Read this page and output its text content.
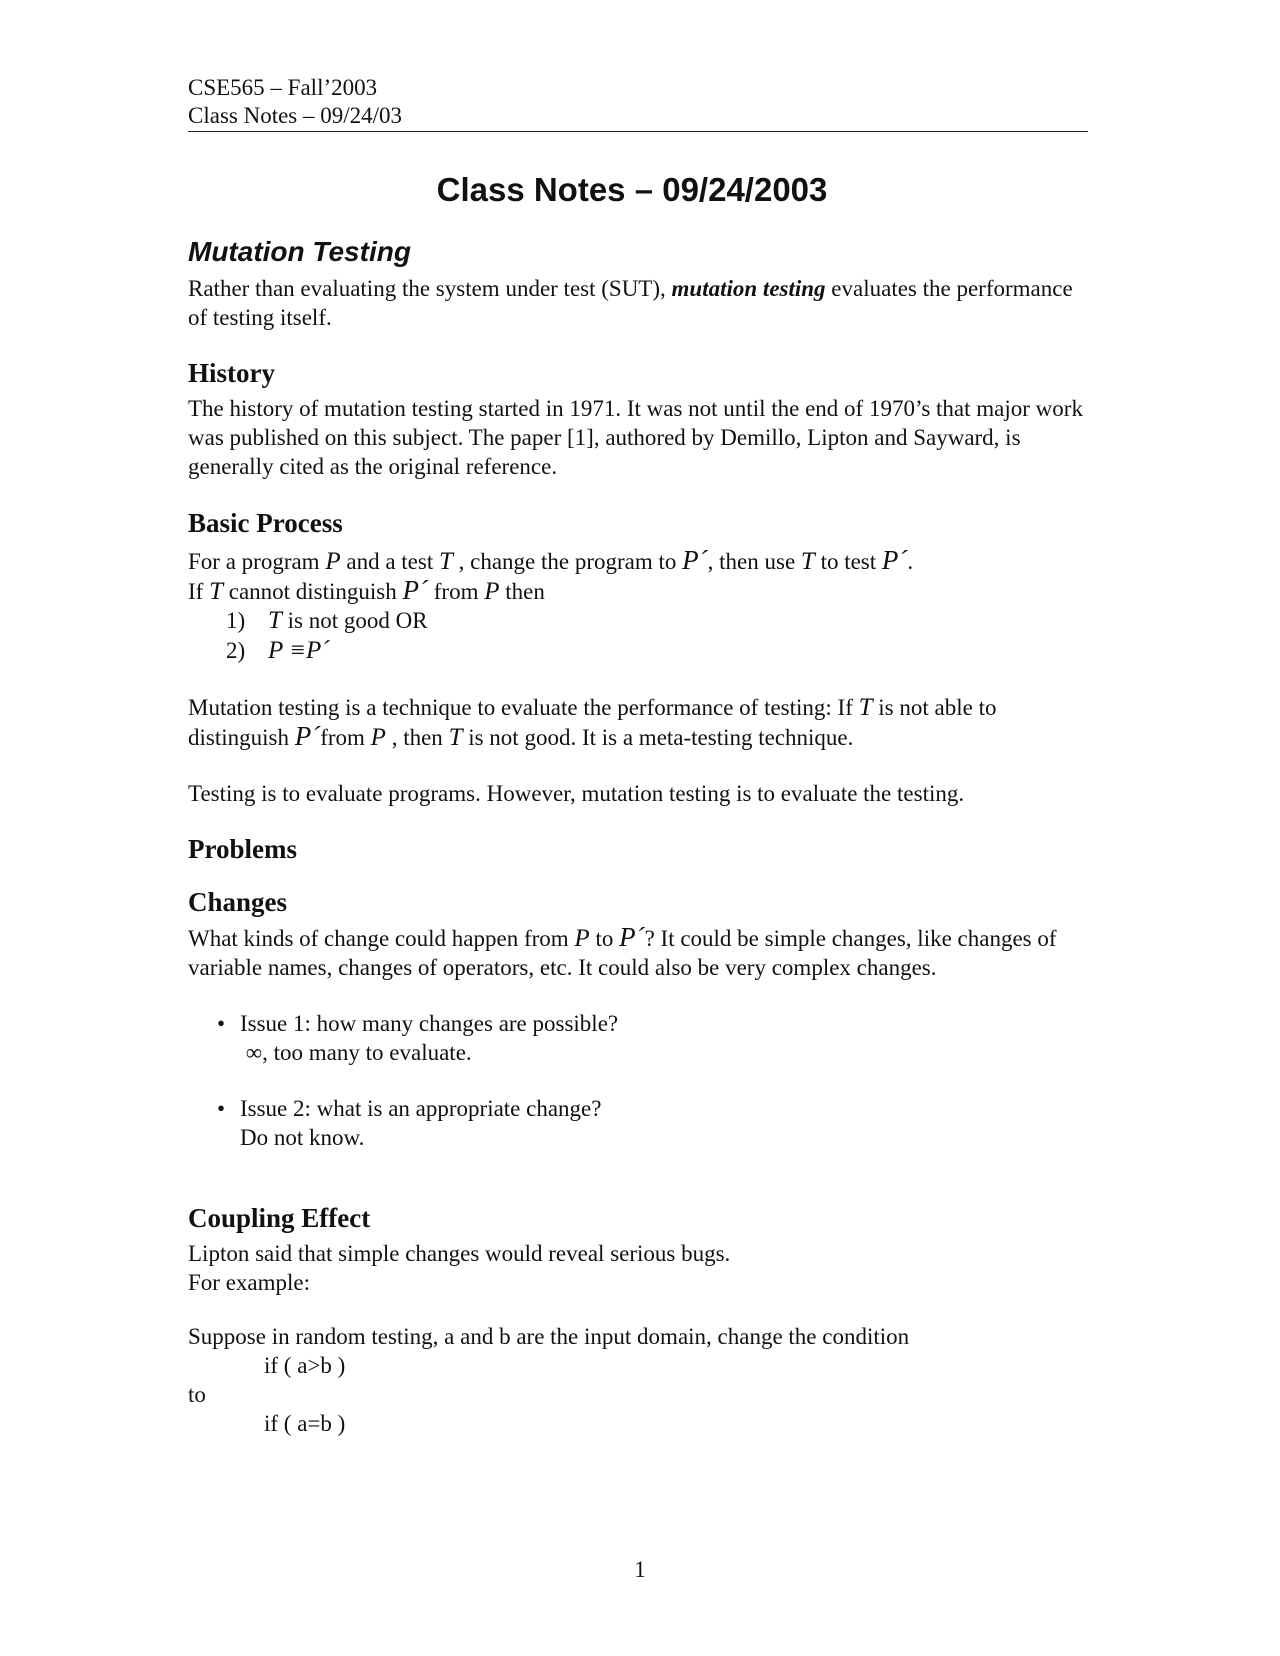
CSE565 – Fall’2003
Class Notes – 09/24/03
Class Notes – 09/24/2003
Mutation Testing

Rather than evaluating the system under test (SUT), mutation testing evaluates the performance of testing itself.

History

The history of mutation testing started in 1971. It was not until the end of 1970’s that major work was published on this subject. The paper [1], authored by Demillo, Lipton and Sayward, is generally cited as the original reference.

Basic Process

For a program P and a test T , change the program to P´, then use T to test P´.

If T cannot distinguish P´ from P then

1) T is not good OR
2) P ≡P´

Mutation testing is a technique to evaluate the performance of testing: If T is not able to distinguish P´from P , then T is not good. It is a meta-testing technique.

Testing is to evaluate programs. However, mutation testing is to evaluate the testing.

Problems
Changes

What kinds of change could happen from P to P´? It could be simple changes, like changes of variable names, changes of operators, etc. It could also be very complex changes.

• Issue 1: how many changes are possible?
∞, too many to evaluate.
• Issue 2: what is an appropriate change?
Do not know.
Coupling Effect

Lipton said that simple changes would reveal serious bugs.

For example:

Suppose in random testing, a and b are the input domain, change the condition

if ( a>b )

to

if ( a=b )
1
